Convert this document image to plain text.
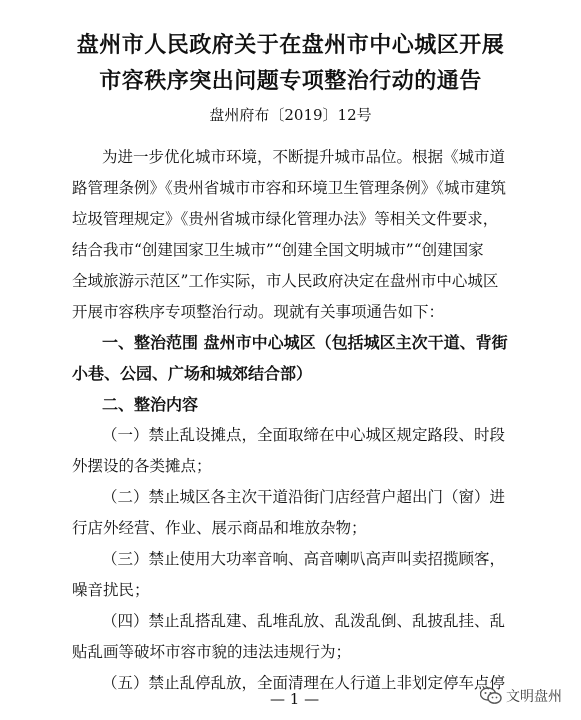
盘州市人民政府关于在盘州市中心城区开展
市容秩序突出问题专项整治行动的通告
盘州府布〔2019〕12号
为进一步优化城市环境，不断提升城市品位。根据《城市道
路管理条例》《贵州省城市市容和环境卫生管理条例》《城市建筑
垃圾管理规定》《贵州省城市绿化管理办法》等相关文件要求，
结合我市“创建国家卫生城市”“创建全国文明城市”“创建国家
全域旅游示范区”工作实际，市人民政府决定在盘州市中心城区
开展市容秩序专项整治行动。现就有关事项通告如下：
一、整治范围 盘州市中心城区（包括城区主次干道、背街
小巷、公园、广场和城郊结合部）
二、整治内容
（一）禁止乱设摊点，全面取缔在中心城区规定路段、时段
外摆设的各类摊点；
（二）禁止城区各主次干道沿街门店经营户超出门（窗）进
行店外经营、作业、展示商品和堆放杂物；
（三）禁止使用大功率音响、高音喇叭高声叫卖招揽顾客，
噪音扰民；
（四）禁止乱搭乱建、乱堆乱放、乱泼乱倒、乱披乱挂、乱
贴乱画等破坏市容市貌的违法违规行为；
（五）禁止乱停乱放，全面清理在人行道上非划定停车点停
— 1 —	文明盘州
